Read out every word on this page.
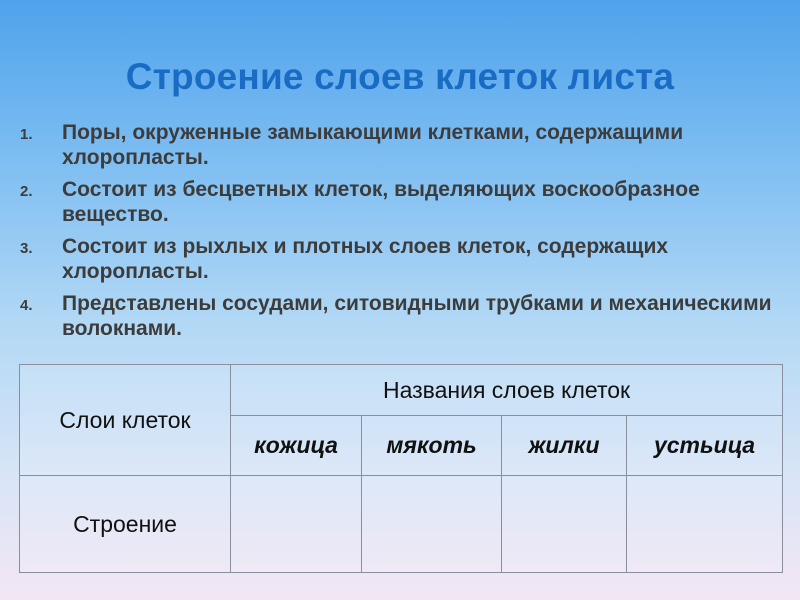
Строение слоев клеток листа
1. Поры, окруженные замыкающими клетками, содержащими хлоропласты.
2. Состоит из бесцветных клеток, выделяющих воскообразное вещество.
3. Состоит из рыхлых и плотных слоев клеток, содержащих хлоропласты.
4. Представлены сосудами, ситовидными трубками и механическими волокнами.
Слои клеток	Названия слоев клеток			
	кожица	мякоть	жилки	устьица
Строение				
